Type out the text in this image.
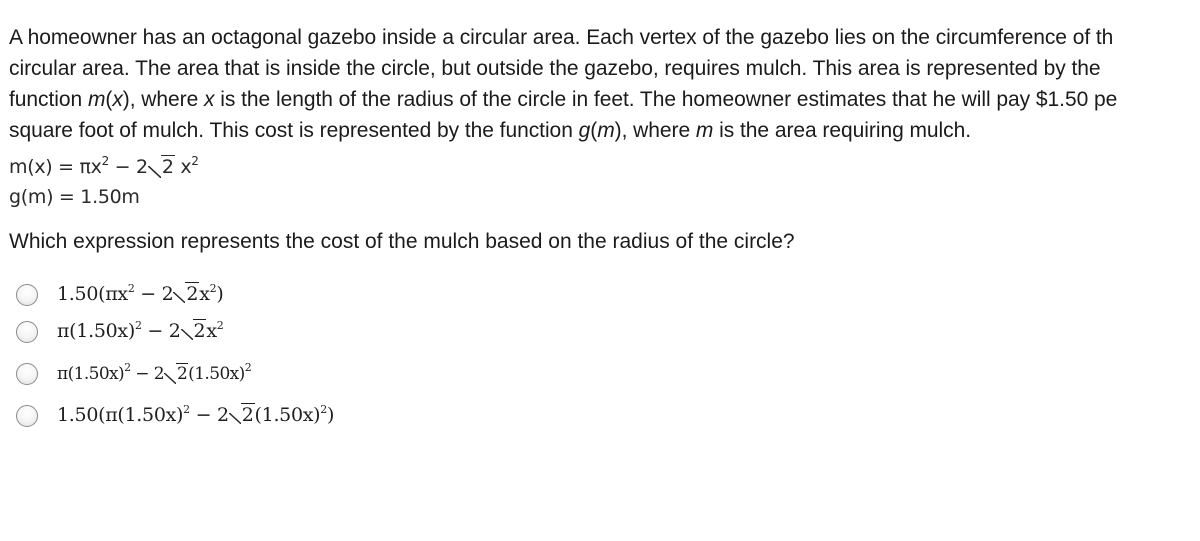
A homeowner has an octagonal gazebo inside a circular area. Each vertex of the gazebo lies on the circumference of th
circular area. The area that is inside the circle, but outside the gazebo, requires mulch. This area is represented by the
function m(x), where x is the length of the radius of the circle in feet. The homeowner estimates that he will pay $1.50 pe
square foot of mulch. This cost is represented by the function g(m), where m is the area requiring mulch.

$m(x) = \pi x^2 - 2$ 2 $x^2$
g(m) = 1.50m
Which expression represents the cost of the mulch based on the radius of the circle?
$1.50(\pi x^2 - 2$ $2x^2$)
$\pi(1.50x)^2 - 2$ $2x^2$
$\pi(1.50x)^2 - 2$ $2(1.50x)^2$
$1.50(\pi(1.50x)^2 - 2$ $2(1.50x)^2$)
